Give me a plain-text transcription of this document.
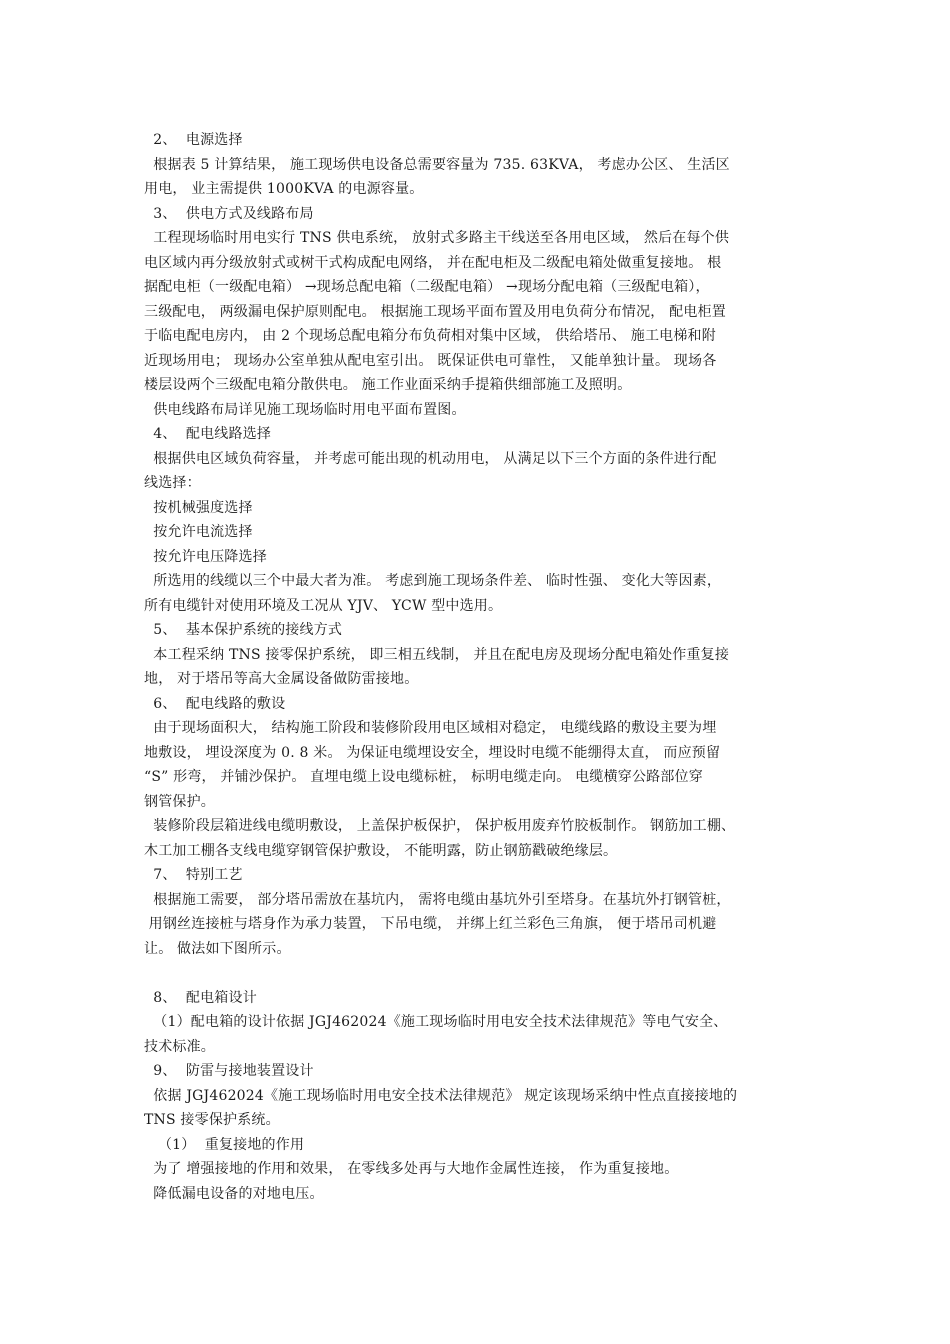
2、  电源选择
根据表 5 计算结果， 施工现场供电设备总需要容量为 735. 63KVA， 考虑办公区、 生活区
用电， 业主需提供 1000KVA 的电源容量。
3、  供电方式及线路布局
工程现场临时用电实行 TNS 供电系统， 放射式多路主干线送至各用电区域， 然后在每个供
电区域内再分级放射式或树干式构成配电网络， 并在配电柜及二级配电箱处做重复接地。 根
据配电柜（一级配电箱） →现场总配电箱（二级配电箱） →现场分配电箱（三级配电箱），
三级配电， 两级漏电保护原则配电。 根据施工现场平面布置及用电负荷分布情况， 配电柜置
于临电配电房内， 由 2 个现场总配电箱分布负荷相对集中区域， 供给塔吊、 施工电梯和附
近现场用电； 现场办公室单独从配电室引出。 既保证供电可靠性， 又能单独计量。 现场各
楼层设两个三级配电箱分散供电。 施工作业面采纳手提箱供细部施工及照明。
供电线路布局详见施工现场临时用电平面布置图。
4、  配电线路选择
根据供电区域负荷容量， 并考虑可能出现的机动用电， 从满足以下三个方面的条件进行配
线选择：
按机械强度选择
按允许电流选择
按允许电压降选择
所选用的线缆以三个中最大者为准。 考虑到施工现场条件差、 临时性强、 变化大等因素，
所有电缆针对使用环境及工况从 YJV、 YCW 型中选用。
5、  基本保护系统的接线方式
本工程采纳 TNS 接零保护系统， 即三相五线制， 并且在配电房及现场分配电箱处作重复接
地， 对于塔吊等高大金属设备做防雷接地。
6、  配电线路的敷设
由于现场面积大， 结构施工阶段和装修阶段用电区域相对稳定， 电缆线路的敷设主要为埋
地敷设， 埋设深度为 0. 8 米。 为保证电缆埋设安全，埋设时电缆不能绷得太直， 而应预留
“S” 形弯， 并铺沙保护。 直埋电缆上设电缆标桩， 标明电缆走向。 电缆横穿公路部位穿
钢管保护。
装修阶段层箱进线电缆明敷设， 上盖保护板保护， 保护板用废弃竹胶板制作。 钢筋加工棚、
木工加工棚各支线电缆穿钢管保护敷设， 不能明露，防止钢筋戳破绝缘层。
7、  特别工艺
根据施工需要， 部分塔吊需放在基坑内， 需将电缆由基坑外引至塔身。在基坑外打钢管桩，
用钢丝连接桩与塔身作为承力装置， 下吊电缆， 并绑上红兰彩色三角旗， 便于塔吊司机避
让。 做法如下图所示。
8、  配电箱设计
（1）配电箱的设计依据 JGJ462024《施工现场临时用电安全技术法律规范》等电气安全、
技术标准。
9、  防雷与接地装置设计
依据 JGJ462024《施工现场临时用电安全技术法律规范》 规定该现场采纳中性点直接接地的
TNS 接零保护系统。
（1）  重复接地的作用
为了 增强接地的作用和效果， 在零线多处再与大地作金属性连接， 作为重复接地。
降低漏电设备的对地电压。
